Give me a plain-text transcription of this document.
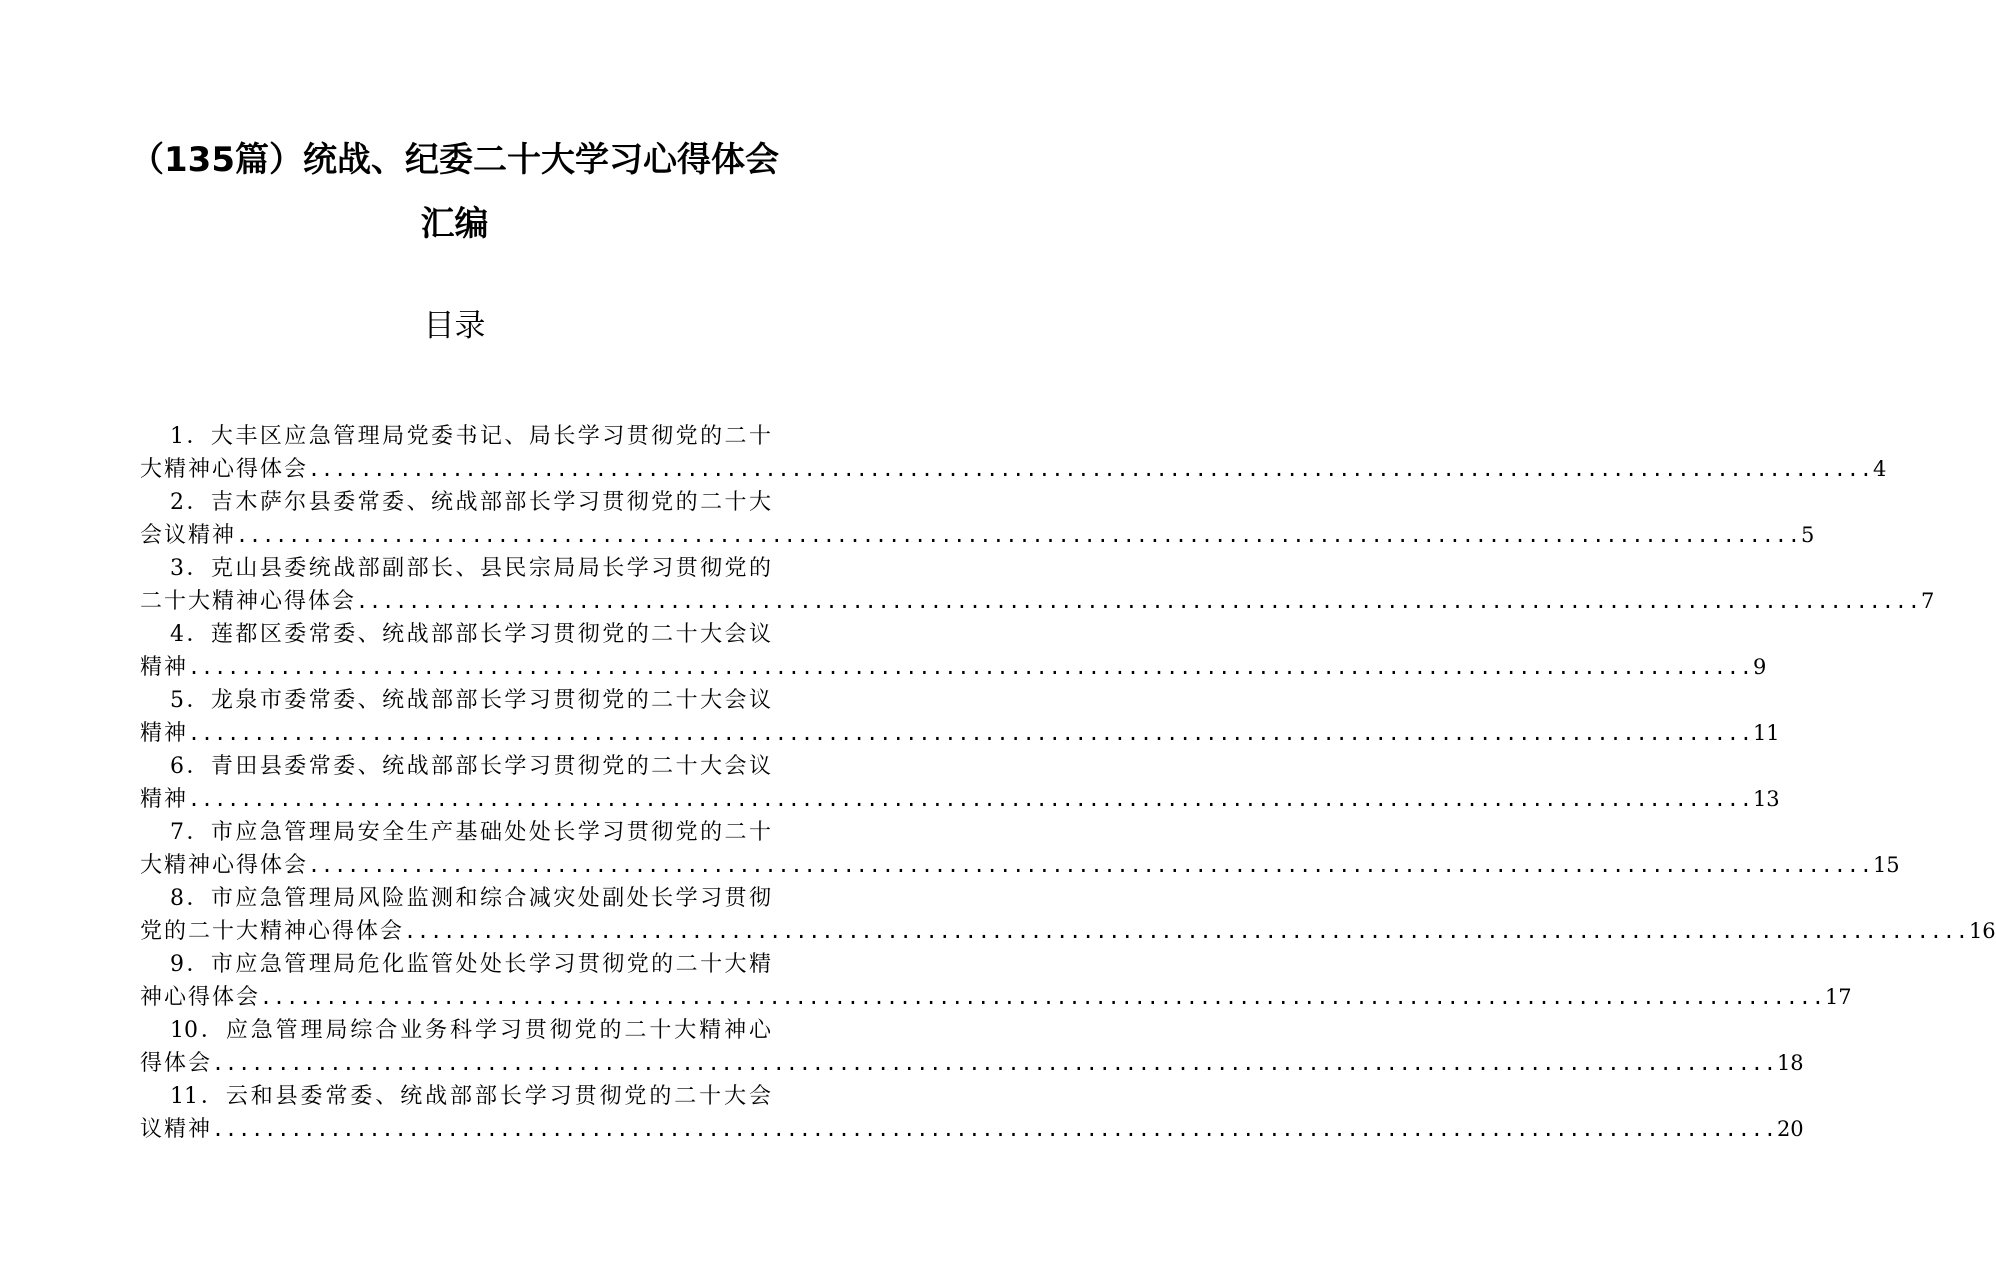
（135篇）统战、纪委二十大学习心得体会
汇编
目录
1．大丰区应急管理局党委书记、局长学习贯彻党的二十
大精神心得体会 ........................................................................................................................ 4
2．吉木萨尔县委常委、统战部部长学习贯彻党的二十大
会议精神 ........................................................................................................................ 5
3．克山县委统战部副部长、县民宗局局长学习贯彻党的
二十大精神心得体会 ........................................................................................................................ 7
4．莲都区委常委、统战部部长学习贯彻党的二十大会议
精神 ........................................................................................................................ 9
5．龙泉市委常委、统战部部长学习贯彻党的二十大会议
精神 ........................................................................................................................ 11
6．青田县委常委、统战部部长学习贯彻党的二十大会议
精神 ........................................................................................................................ 13
7．市应急管理局安全生产基础处处长学习贯彻党的二十
大精神心得体会 ........................................................................................................................ 15
8．市应急管理局风险监测和综合减灾处副处长学习贯彻
党的二十大精神心得体会 ........................................................................................................................ 16
9．市应急管理局危化监管处处长学习贯彻党的二十大精
神心得体会 ........................................................................................................................ 17
10．应急管理局综合业务科学习贯彻党的二十大精神心
得体会 ........................................................................................................................ 18
11．云和县委常委、统战部部长学习贯彻党的二十大会
议精神 ........................................................................................................................ 20
